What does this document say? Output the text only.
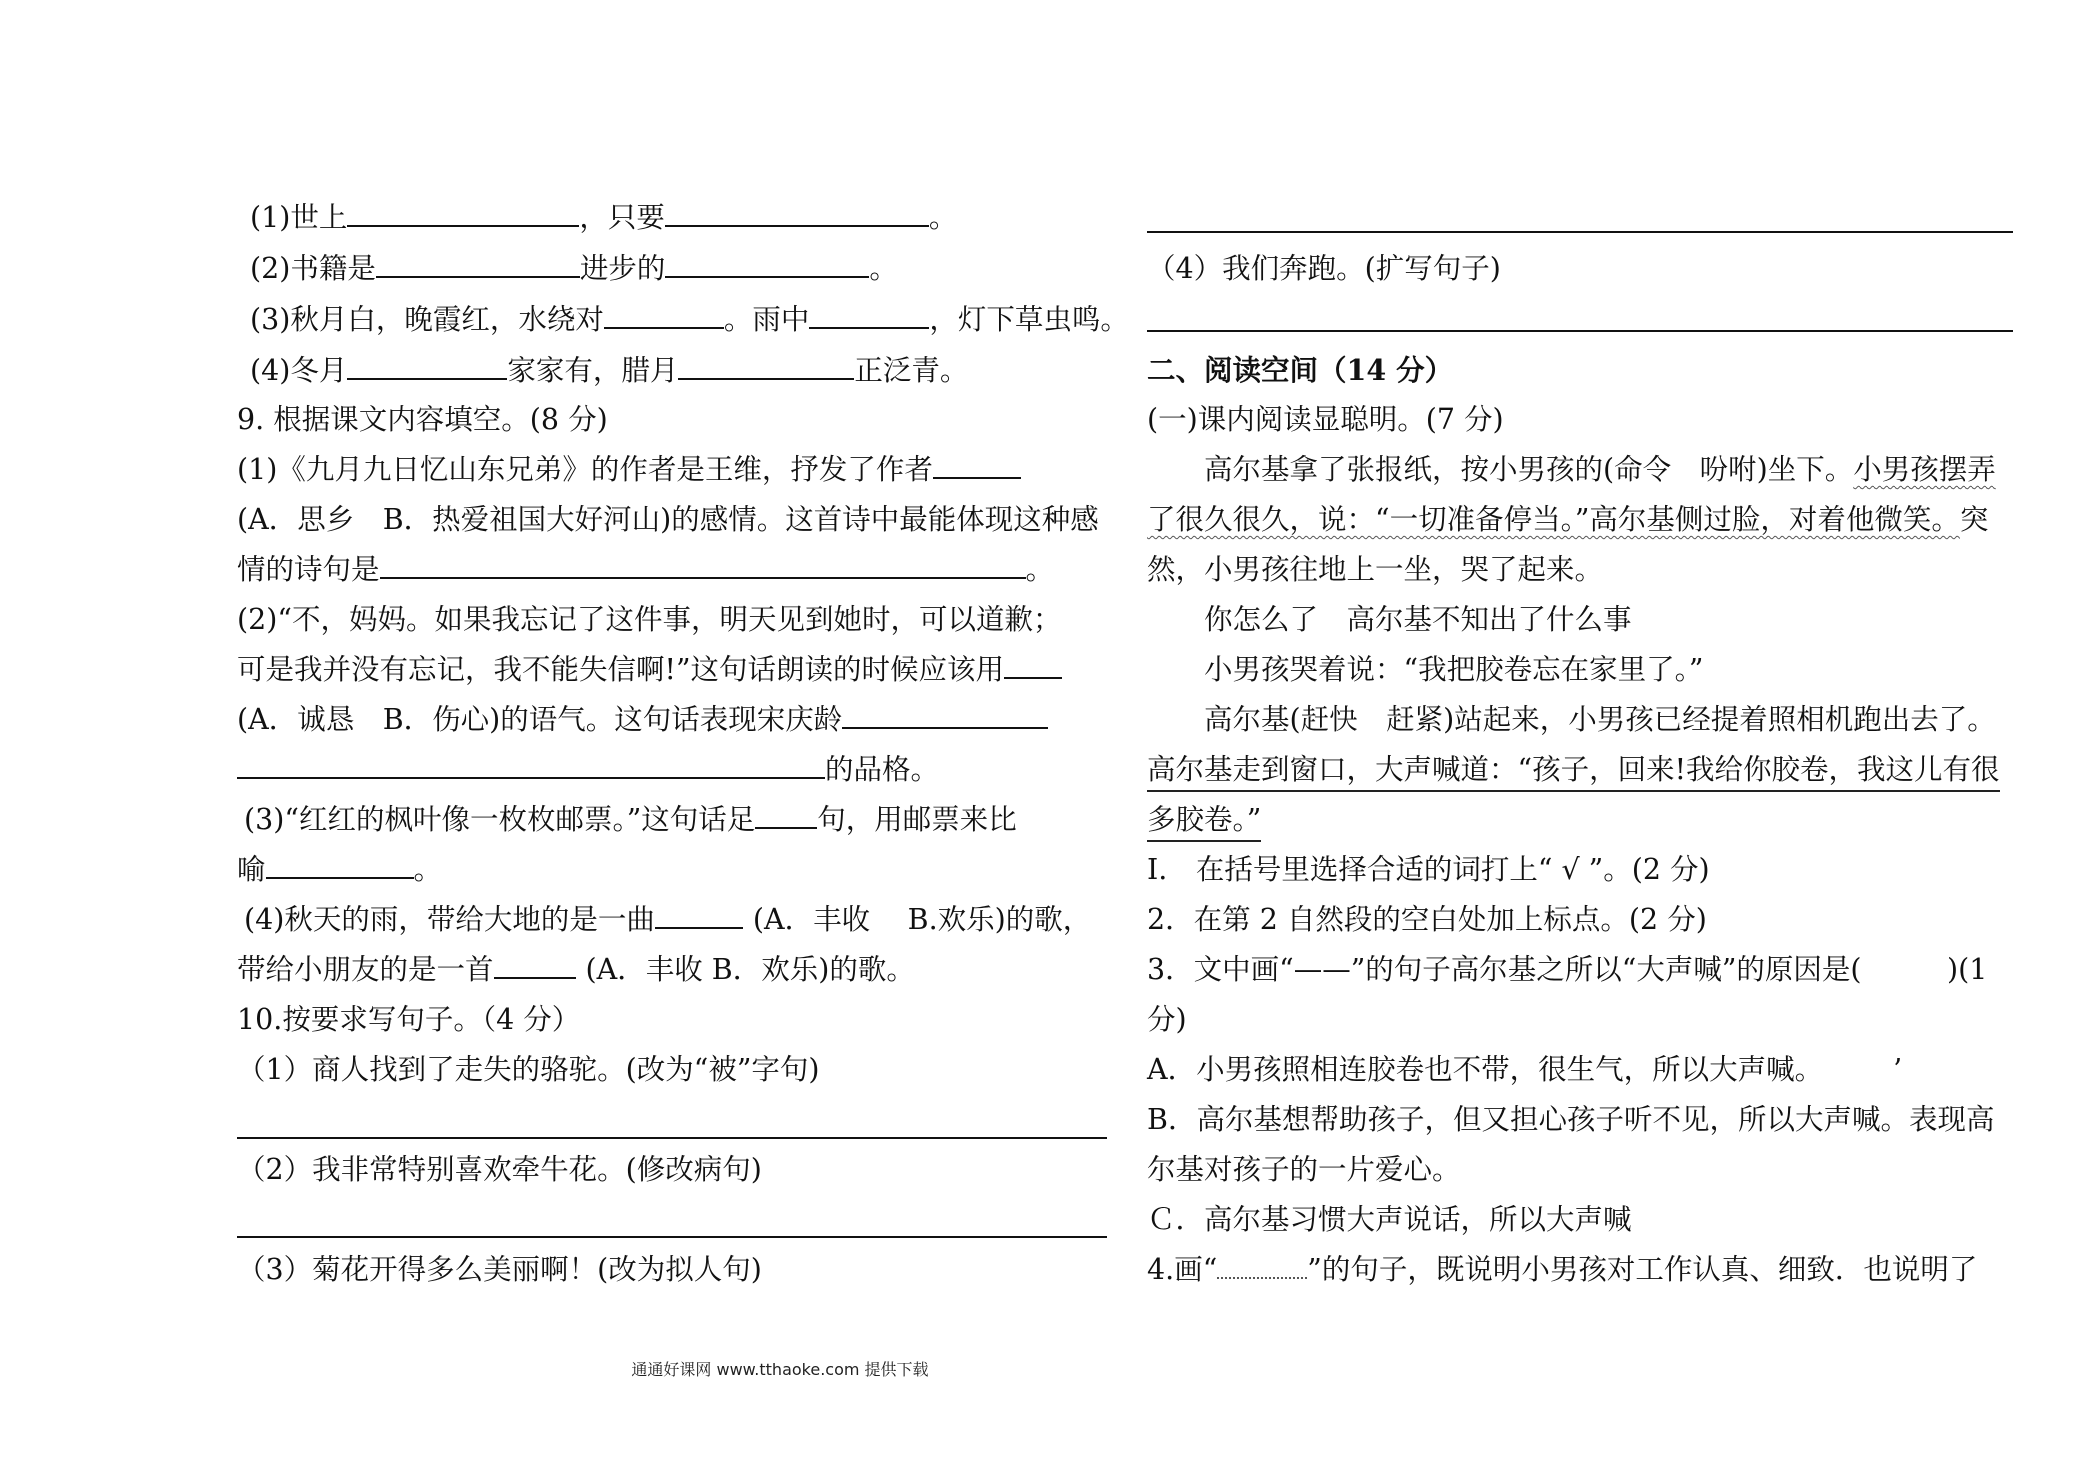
(1)世上	，只要	。
(2)书籍是	进步的	。
(3)秋月白，晚霞红，水绕对	。雨中	，灯下草虫鸣。
(4)冬月	家家有，腊月	正泛青。
9. 根据课文内容填空。(8 分)
(1)《九月九日忆山东兄弟》的作者是王维，抒发了作者
(A．思乡　B．热爱祖国大好河山)的感情。这首诗中最能体现这种感
情的诗句是	。
(2)“不，妈妈。如果我忘记了这件事，明天见到她时，可以道歉；
可是我并没有忘记，我不能失信啊!”这句话朗读的时候应该用
(A．诚恳　B．伤心)的语气。这句话表现宋庆龄
的品格。
(3)“红红的枫叶像一枚枚邮票。”这句话足 句，用邮票来比
喻	。
(4)秋天的雨，带给大地的是一曲	(A．丰收　 B.欢乐)的歌，
带给小朋友的是一首	(A．丰收 B．欢乐)的歌。
10.按要求写句子。（4 分）
（1）商人找到了走失的骆驼。(改为“被”字句)
（2）我非常特别喜欢牵牛花。(修改病句)
（3）菊花开得多么美丽啊！(改为拟人句)
（4）我们奔跑。(扩写句子)
二、阅读空间（14 分）
(一)课内阅读显聪明。(7 分)
高尔基拿了张报纸，按小男孩的(命令　吩咐)坐下。小男孩摆弄
了很久很久，说：“一切准备停当。”高尔基侧过脸，对着他微笑。突
然，小男孩往地上一坐，哭了起来。
你怎么了　高尔基不知出了什么事
小男孩哭着说：“我把胶卷忘在家里了。”
高尔基(赶快　赶紧)站起来，小男孩已经提着照相机跑出去了。
高尔基走到窗口，大声喊道：“孩子，回来!我给你胶卷，我这儿有很
多胶卷。”
I.　在括号里选择合适的词打上“ √ ”。(2 分)
2．在第 2 自然段的空白处加上标点。(2 分)
3．文中画“——”的句子高尔基之所以“大声喊”的原因是(　　　)(1
分)
A．小男孩照相连胶卷也不带，很生气，所以大声喊。 ’
B．高尔基想帮助孩子，但又担心孩子听不见，所以大声喊。表现高
尔基对孩子的一片爱心。
Ｃ．高尔基习惯大声说话，所以大声喊
4.画“	”的句子，既说明小男孩对工作认真、细致．也说明了
通通好课网 www.tthaoke.com 提供下载
